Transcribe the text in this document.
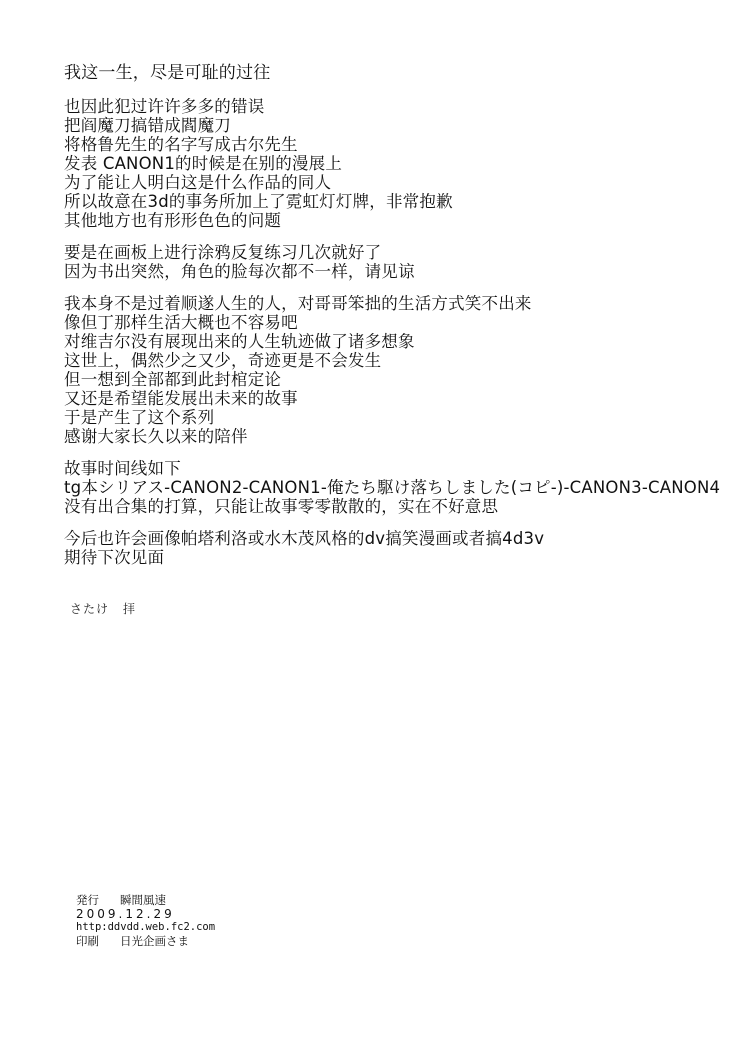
我这一生，尽是可耻的过往
也因此犯过许许多多的错误
把阎魔刀搞错成閻魔刀
将格鲁先生的名字写成古尔先生
发表 CANON1的时候是在别的漫展上
为了能让人明白这是什么作品的同人
所以故意在3d的事务所加上了霓虹灯灯牌，非常抱歉
其他地方也有形形色色的问题
要是在画板上进行涂鸦反复练习几次就好了
因为书出突然，角色的脸每次都不一样，请见谅
我本身不是过着顺遂人生的人，对哥哥笨拙的生活方式笑不出来
像但丁那样生活大概也不容易吧
对维吉尔没有展现出来的人生轨迹做了诸多想象
这世上，偶然少之又少，奇迹更是不会发生
但一想到全部都到此封棺定论
又还是希望能发展出未来的故事
于是产生了这个系列
感谢大家长久以来的陪伴
故事时间线如下
tg本シリアス-CANON2-CANON1-俺たち駆け落ちしました(コピ-)-CANON3-CANON4
没有出合集的打算，只能让故事零零散散的，实在不好意思
今后也许会画像帕塔利洛或水木茂风格的dv搞笑漫画或者搞4d3v
期待下次见面
さたけ 拝
発行 瞬間風速
2009.12.29
http:ddvdd.web.fc2.com
印刷 日光企画さま
